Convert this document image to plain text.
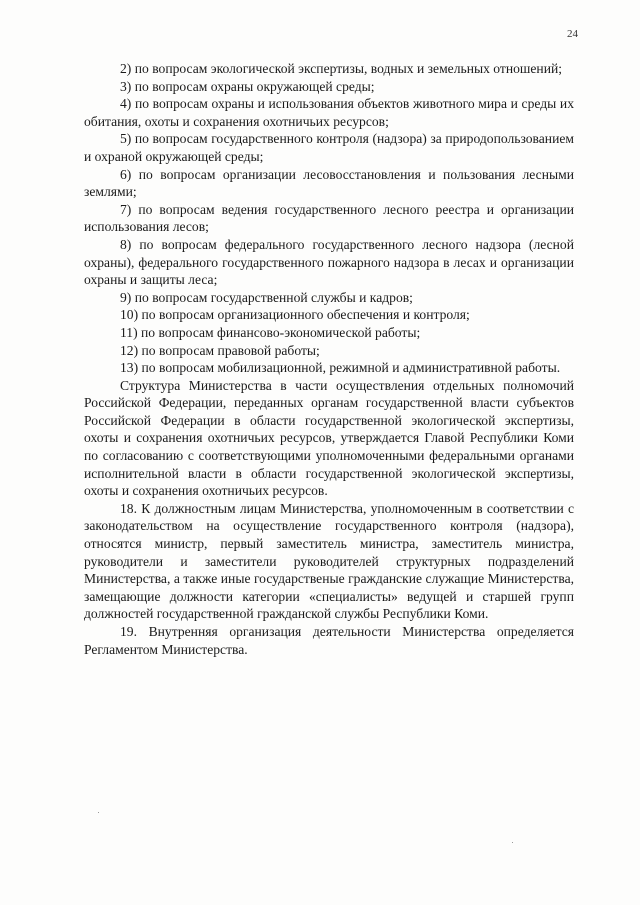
24

2) по вопросам экологической экспертизы, водных и земельных отношений;

3) по вопросам охраны окружающей среды;

4) по вопросам охраны и использования объектов животного мира и среды их обитания, охоты и сохранения охотничьих ресурсов;

5) по вопросам государственного контроля (надзора) за природопользованием и охраной окружающей среды;

6) по вопросам организации лесовосстановления и пользования лесными землями;

7) по вопросам ведения государственного лесного реестра и организации использования лесов;

8) по вопросам федерального государственного лесного надзора (лесной охраны), федерального государственного пожарного надзора в лесах и организации охраны и защиты леса;

9) по вопросам государственной службы и кадров;

10) по вопросам организационного обеспечения и контроля;

11) по вопросам финансово-экономической работы;

12) по вопросам правовой работы;

13) по вопросам мобилизационной, режимной и административной работы.

Структура Министерства в части осуществления отдельных полномочий Российской Федерации, переданных органам государственной власти субъектов Российской Федерации в области государственной экологической экспертизы, охоты и сохранения охотничьих ресурсов, утверждается Главой Республики Коми по согласованию с соответствующими уполномоченными федеральными органами исполнительной власти в области государственной экологической экспертизы, охоты и сохранения охотничьих ресурсов.

18. К должностным лицам Министерства, уполномоченным в соответствии с законодательством на осуществление государственного контроля (надзора), относятся министр, первый заместитель министра, заместитель министра, руководители и заместители руководителей структурных подразделений Министерства, а также иные государственые гражданские служащие Министерства, замещающие должности категории «специалисты» ведущей и старшей групп должностей государственной гражданской службы Республики Коми.

19. Внутренняя организация деятельности Министерства определяется Регламентом Министерства.
